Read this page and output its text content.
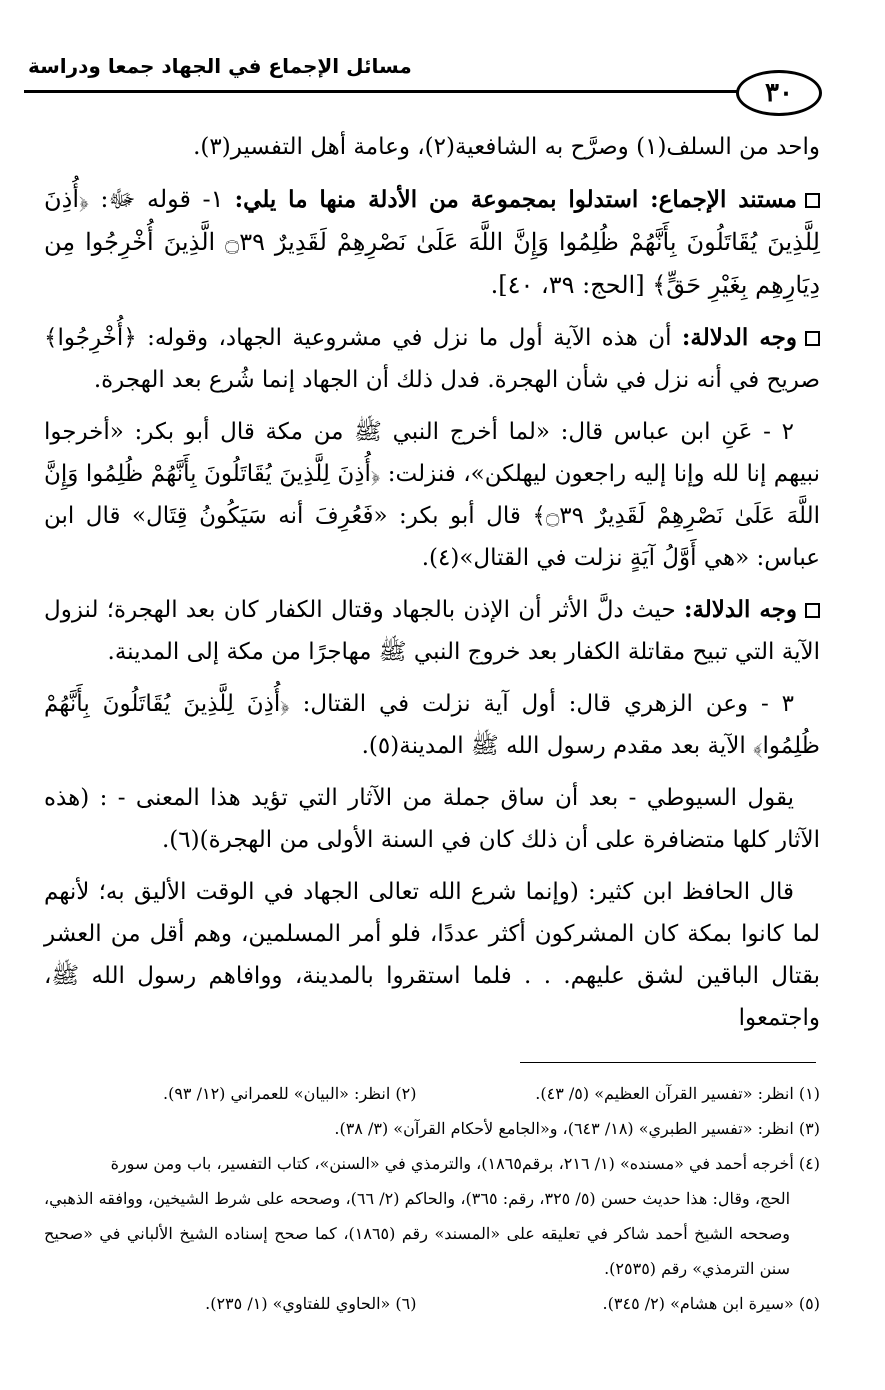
مسائل الإجماع في الجهاد جمعا ودراسة
٣٠

واحد من السلف(١) وصرَّح به الشافعية(٢)، وعامة أهل التفسير(٣).

مستند الإجماع: استدلوا بمجموعة من الأدلة منها ما يلي: ١- قوله ﷻ: ﴿أُذِنَ لِلَّذِينَ يُقَاتَلُونَ بِأَنَّهُمْ ظُلِمُوا وَإِنَّ اللَّهَ عَلَىٰ نَصْرِهِمْ لَقَدِيرٌ ۝٣٩ الَّذِينَ أُخْرِجُوا مِن دِيَارِهِم بِغَيْرِ حَقٍّ﴾ [الحج: ٣٩، ٤٠].

وجه الدلالة: أن هذه الآية أول ما نزل في مشروعية الجهاد، وقوله: ﴿أُخْرِجُوا﴾ صريح في أنه نزل في شأن الهجرة. فدل ذلك أن الجهاد إنما شُرع بعد الهجرة.

٢ - عَنِ ابن عباس قال: «لما أخرج النبي ﷺ من مكة قال أبو بكر: «أخرجوا نبيهم إنا لله وإنا إليه راجعون ليهلكن»، فنزلت: ﴿أُذِنَ لِلَّذِينَ يُقَاتَلُونَ بِأَنَّهُمْ ظُلِمُوا وَإِنَّ اللَّهَ عَلَىٰ نَصْرِهِمْ لَقَدِيرٌ ۝٣٩﴾ قال أبو بكر: «فَعُرِفَ أنه سَيَكُونُ قِتَال» قال ابن عباس: «هي أَوَّلُ آيَةٍ نزلت في القتال»(٤).

وجه الدلالة: حيث دلَّ الأثر أن الإذن بالجهاد وقتال الكفار كان بعد الهجرة؛ لنزول الآية التي تبيح مقاتلة الكفار بعد خروج النبي ﷺ مهاجرًا من مكة إلى المدينة.

٣ - وعن الزهري قال: أول آية نزلت في القتال: ﴿أُذِنَ لِلَّذِينَ يُقَاتَلُونَ بِأَنَّهُمْ ظُلِمُوا﴾ الآية بعد مقدم رسول الله ﷺ المدينة(٥).

يقول السيوطي - بعد أن ساق جملة من الآثار التي تؤيد هذا المعنى - : (هذه الآثار كلها متضافرة على أن ذلك كان في السنة الأولى من الهجرة)(٦).

قال الحافظ ابن كثير: (وإنما شرع الله تعالى الجهاد في الوقت الأليق به؛ لأنهم لما كانوا بمكة كان المشركون أكثر عددًا، فلو أمر المسلمين، وهم أقل من العشر بقتال الباقين لشق عليهم. . . فلما استقروا بالمدينة، ووافاهم رسول الله ﷺ، واجتمعوا

(١) انظر: «تفسير القرآن العظيم» (٥/ ٤٣).
(٢) انظر: «البيان» للعمراني (١٢/ ٩٣).
(٣) انظر: «تفسير الطبري» (١٨/ ٦٤٣)، و«الجامع لأحكام القرآن» (٣/ ٣٨).
(٤) أخرجه أحمد في «مسنده» (١/ ٢١٦، برقم١٨٦٥)، والترمذي في «السنن»، كتاب التفسير، باب ومن سورة
الحج، وقال: هذا حديث حسن (٥/ ٣٢٥، رقم: ٣٦٥)، والحاكم (٢/ ٦٦)، وصححه على شرط الشيخين، ووافقه الذهبي، وصححه الشيخ أحمد شاكر في تعليقه على «المسند» رقم (١٨٦٥)، كما صحح إسناده الشيخ الألباني في «صحيح سنن الترمذي» رقم (٢٥٣٥).
(٥) «سيرة ابن هشام» (٢/ ٣٤٥).
(٦) «الحاوي للفتاوي» (١/ ٢٣٥).
